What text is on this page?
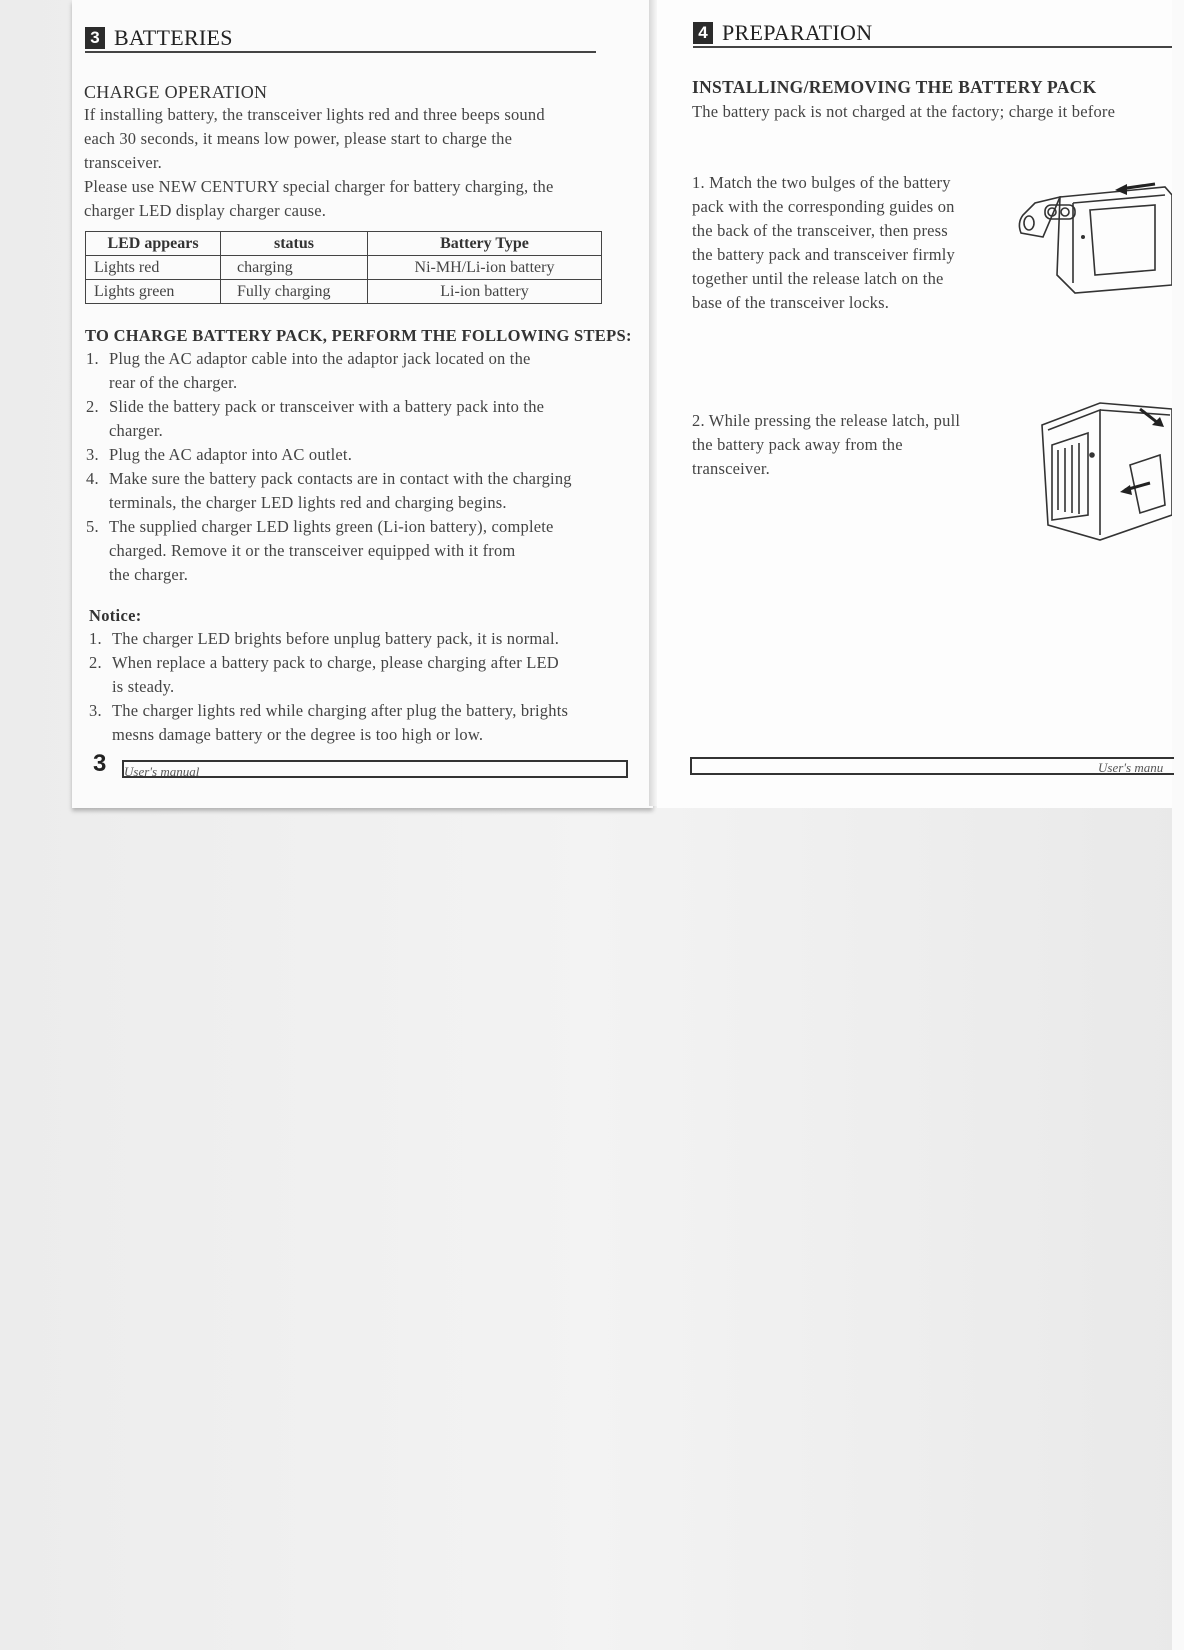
3 BATTERIES
CHARGE OPERATION
If installing battery, the transceiver lights red and three beeps sound
each 30 seconds, it means low power, please start to charge the
transceiver.
Please use NEW CENTURY special charger for battery charging, the
charger LED display charger cause.
LED appears	status	Battery Type
Lights red	charging	Ni-MH/Li-ion battery
Lights green	Fully charging	Li-ion battery
TO CHARGE BATTERY PACK, PERFORM THE FOLLOWING STEPS:
1. Plug the AC adaptor cable into the adaptor jack located on the
rear of the charger.
2. Slide the battery pack or transceiver with a battery pack into the
charger.
3. Plug the AC adaptor into AC outlet.
4. Make sure the battery pack contacts are in contact with the charging
terminals, the charger LED lights red and charging begins.
5. The supplied charger LED lights green (Li-ion battery), complete
charged. Remove it or the transceiver equipped with it from
the charger.
Notice:
1. The charger LED brights before unplug battery pack, it is normal.
2. When replace a battery pack to charge, please charging after LED
is steady.
3. The charger lights red while charging after plug the battery, brights
mesns damage battery or the degree is too high or low.
3 User's manual
4 PREPARATION
INSTALLING/REMOVING THE BATTERY PACK
The battery pack is not charged at the factory; charge it before
1. Match the two bulges of the battery
pack with the corresponding guides on
the back of the transceiver, then press
the battery pack and transceiver firmly
together until the release latch on the
base of the transceiver locks.
2. While pressing the release latch, pull
the battery pack away from the
transceiver.
User's manu
